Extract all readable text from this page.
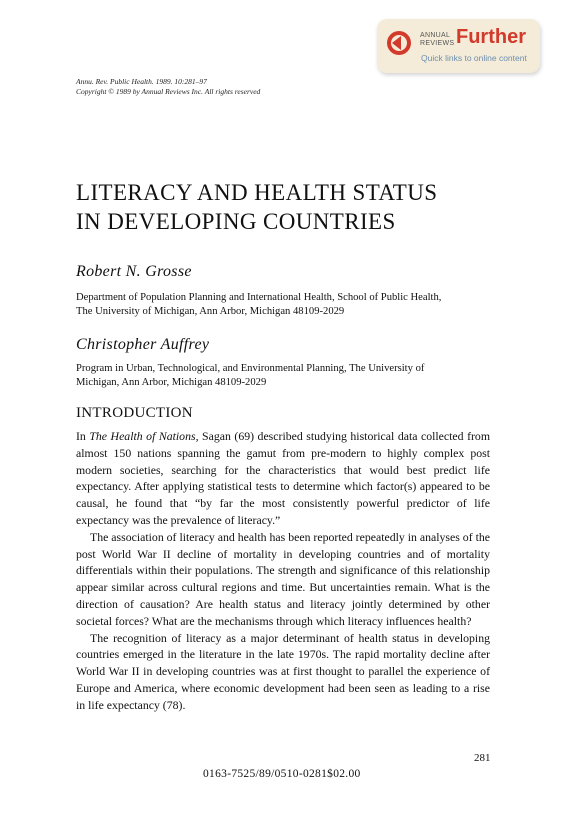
ANNUAL
REVIEWS Further
Quick links to online content
Annu. Rev. Public Health. 1989. 10:281–97
Copyright © 1989 by Annual Reviews Inc. All rights reserved
LITERACY AND HEALTH STATUS
IN DEVELOPING COUNTRIES
Robert N. Grosse
Department of Population Planning and International Health, School of Public Health,
The University of Michigan, Ann Arbor, Michigan 48109-2029
Christopher Auffrey
Program in Urban, Technological, and Environmental Planning, The University of
Michigan, Ann Arbor, Michigan 48109-2029
INTRODUCTION

In The Health of Nations, Sagan (69) described studying historical data collected from almost 150 nations spanning the gamut from pre-modern to highly complex post modern societies, searching for the characteristics that would best predict life expectancy. After applying statistical tests to determine which factor(s) appeared to be causal, he found that “by far the most consistently powerful predictor of life expectancy was the prevalence of literacy.”

The association of literacy and health has been reported repeatedly in analyses of the post World War II decline of mortality in developing countries and of mortality differentials within their populations. The strength and significance of this relationship appear similar across cultural regions and time. But uncertainties remain. What is the direction of causation? Are health status and literacy jointly determined by other societal forces? What are the mechanisms through which literacy influences health?

The recognition of literacy as a major determinant of health status in developing countries emerged in the literature in the late 1970s. The rapid mortality decline after World War II in developing countries was at first thought to parallel the experience of Europe and America, where economic development had been seen as leading to a rise in life expectancy (78).

281
0163-7525/89/0510-0281$02.00
